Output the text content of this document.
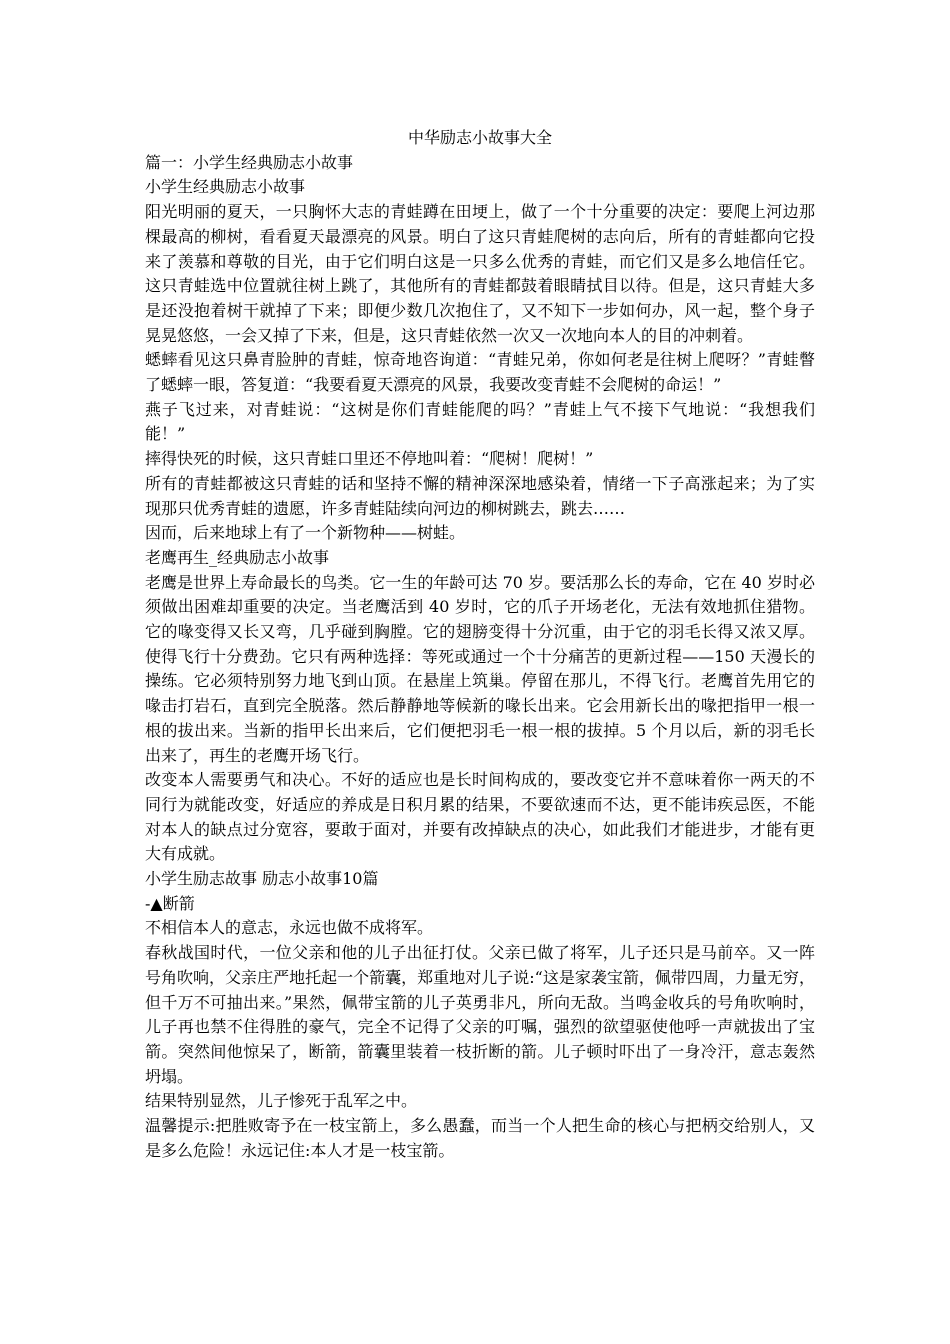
中华励志小故事大全

篇一：小学生经典励志小故事

小学生经典励志小故事

阳光明丽的夏天，一只胸怀大志的青蛙蹲在田埂上，做了一个十分重要的决定：要爬上河边那棵最高的柳树，看看夏天最漂亮的风景。明白了这只青蛙爬树的志向后，所有的青蛙都向它投来了羡慕和尊敬的目光，由于它们明白这是一只多么优秀的青蛙，而它们又是多么地信任它。这只青蛙选中位置就往树上跳了，其他所有的青蛙都鼓着眼睛拭目以待。但是，这只青蛙大多是还没抱着树干就掉了下来；即便少数几次抱住了，又不知下一步如何办，风一起，整个身子晃晃悠悠，一会又掉了下来，但是，这只青蛙依然一次又一次地向本人的目的冲刺着。

蟋蟀看见这只鼻青脸肿的青蛙，惊奇地咨询道：“青蛙兄弟，你如何老是往树上爬呀？”青蛙瞥了蟋蟀一眼，答复道：“我要看夏天漂亮的风景，我要改变青蛙不会爬树的命运！”

燕子飞过来，对青蛙说：“这树是你们青蛙能爬的吗？”青蛙上气不接下气地说：“我想我们能！”

摔得快死的时候，这只青蛙口里还不停地叫着：“爬树！爬树！”

所有的青蛙都被这只青蛙的话和坚持不懈的精神深深地感染着，情绪一下子高涨起来；为了实现那只优秀青蛙的遗愿，许多青蛙陆续向河边的柳树跳去，跳去……

因而，后来地球上有了一个新物种——树蛙。

老鹰再生_经典励志小故事

老鹰是世界上寿命最长的鸟类。它一生的年龄可达 70 岁。要活那么长的寿命，它在 40 岁时必须做出困难却重要的决定。当老鹰活到 40 岁时，它的爪子开场老化，无法有效地抓住猎物。它的喙变得又长又弯，几乎碰到胸膛。它的翅膀变得十分沉重，由于它的羽毛长得又浓又厚。使得飞行十分费劲。它只有两种选择：等死或通过一个十分痛苦的更新过程——150 天漫长的操练。它必须特别努力地飞到山顶。在悬崖上筑巢。停留在那儿，不得飞行。老鹰首先用它的喙击打岩石，直到完全脱落。然后静静地等候新的喙长出来。它会用新长出的喙把指甲一根一根的拔出来。当新的指甲长出来后，它们便把羽毛一根一根的拔掉。5 个月以后，新的羽毛长出来了，再生的老鹰开场飞行。

改变本人需要勇气和决心。不好的适应也是长时间构成的，要改变它并不意味着你一两天的不同行为就能改变，好适应的养成是日积月累的结果，不要欲速而不达，更不能讳疾忌医，不能对本人的缺点过分宽容，要敢于面对，并要有改掉缺点的决心，如此我们才能进步，才能有更大有成就。

小学生励志故事 励志小故事10篇

-▲断箭

不相信本人的意志，永远也做不成将军。

春秋战国时代，一位父亲和他的儿子出征打仗。父亲已做了将军，儿子还只是马前卒。又一阵号角吹响，父亲庄严地托起一个箭囊，郑重地对儿子说:“这是家袭宝箭，佩带四周，力量无穷，但千万不可抽出来。”果然，佩带宝箭的儿子英勇非凡，所向无敌。当鸣金收兵的号角吹响时，儿子再也禁不住得胜的豪气，完全不记得了父亲的叮嘱，强烈的欲望驱使他呼一声就拔出了宝箭。突然间他惊呆了，断箭，箭囊里装着一枝折断的箭。儿子顿时吓出了一身冷汗，意志轰然坍塌。

结果特别显然，儿子惨死于乱军之中。

温馨提示:把胜败寄予在一枝宝箭上，多么愚蠢，而当一个人把生命的核心与把柄交给别人，又是多么危险！永远记住:本人才是一枝宝箭。
